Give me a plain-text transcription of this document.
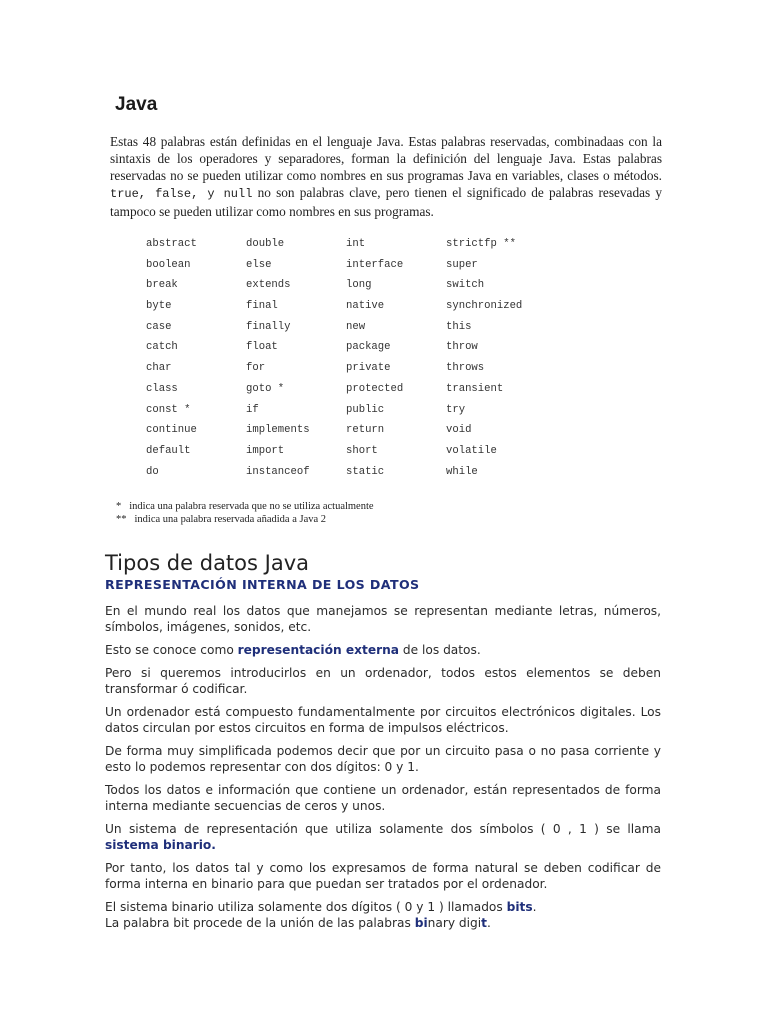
Java

Estas 48 palabras están definidas en el lenguaje Java. Estas palabras reservadas, combinadaas con la sintaxis de los operadores y separadores, forman la definición del lenguaje Java. Estas palabras reservadas no se pueden utilizar como nombres en sus programas Java en variables, clases o métodos. true, false, y null no son palabras clave, pero tienen el significado de palabras resevadas y tampoco se pueden utilizar como nombres en sus programas.

abstract	double	int	strictfp **
boolean	else	interface	super
break	extends	long	switch
byte	final	native	synchronized
case	finally	new	this
catch	float	package	throw
char	for	private	throws
class	goto *	protected	transient
const *	if	public	try
continue	implements	return	void
default	import	short	volatile
do	instanceof	static	while
* indica una palabra reservada que no se utiliza actualmente
** indica una palabra reservada añadida a Java 2
Tipos de datos Java
REPRESENTACIÓN INTERNA DE LOS DATOS

En el mundo real los datos que manejamos se representan mediante letras, números, símbolos, imágenes, sonidos, etc.

Esto se conoce como representación externa de los datos.

Pero si queremos introducirlos en un ordenador, todos estos elementos se deben transformar ó codificar.

Un ordenador está compuesto fundamentalmente por circuitos electrónicos digitales. Los datos circulan por estos circuitos en forma de impulsos eléctricos.

De forma muy simplificada podemos decir que por un circuito pasa o no pasa corriente y esto lo podemos representar con dos dígitos: 0 y 1.

Todos los datos e información que contiene un ordenador, están representados de forma interna mediante secuencias de ceros y unos.

Un sistema de representación que utiliza solamente dos símbolos ( 0 , 1 ) se llama sistema binario.

Por tanto, los datos tal y como los expresamos de forma natural se deben codificar de forma interna en binario para que puedan ser tratados por el ordenador.

El sistema binario utiliza solamente dos dígitos ( 0 y 1 ) llamados bits.
La palabra bit procede de la unión de las palabras binary digit.
